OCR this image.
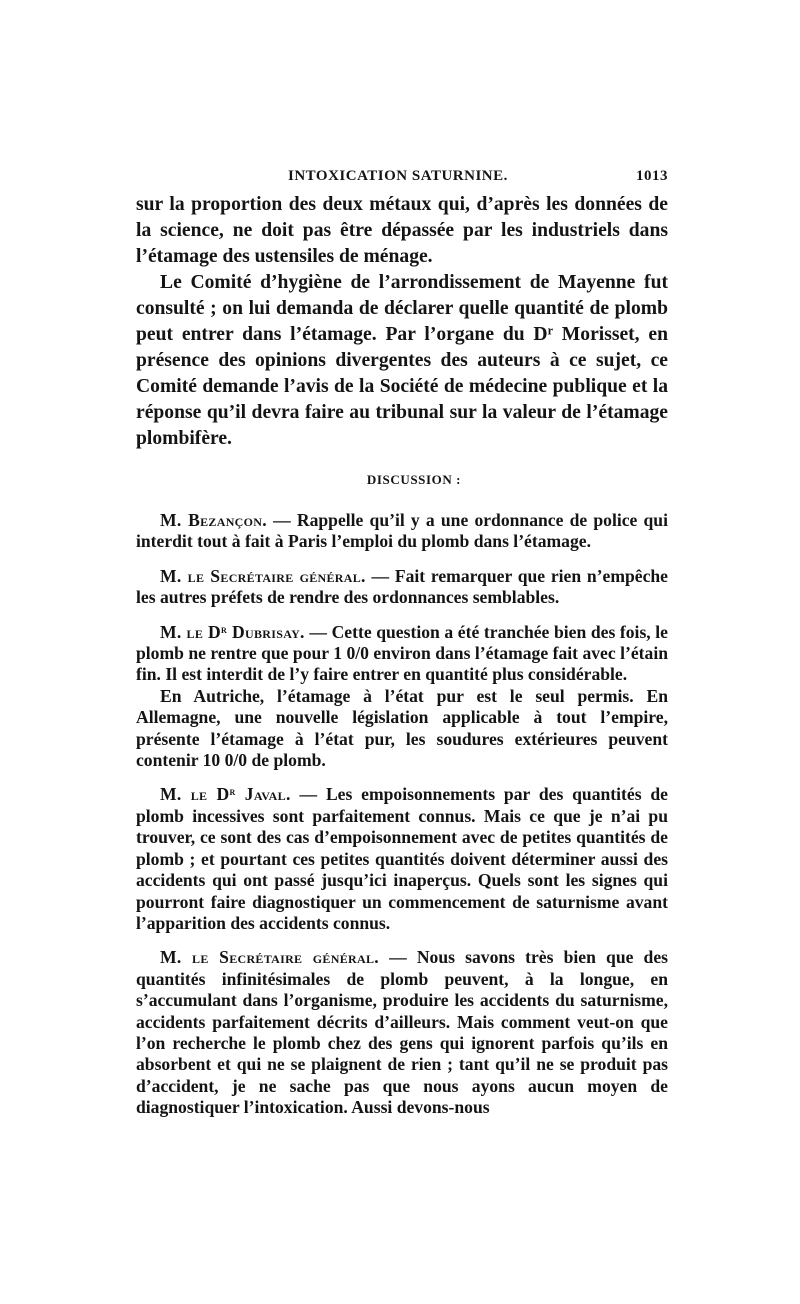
INTOXICATION SATURNINE.	1013

sur la proportion des deux métaux qui, d’après les données de la science, ne doit pas être dépassée par les industriels dans l’étamage des ustensiles de ménage.

Le Comité d’hygiène de l’arrondissement de Mayenne fut consulté ; on lui demanda de déclarer quelle quantité de plomb peut entrer dans l’étamage. Par l’organe du $D^r$ Morisset, en présence des opinions divergentes des auteurs à ce sujet, ce Comité demande l’avis de la Société de médecine publique et la réponse qu’il devra faire au tribunal sur la valeur de l’étamage plombifère.

DISCUSSION :

M. Bezançon. — Rappelle qu’il y a une ordonnance de police qui interdit tout à fait à Paris l’emploi du plomb dans l’étamage.

M. le Secrétaire général. — Fait remarquer que rien n’empêche les autres préfets de rendre des ordonnances semblables.

M. le $D^r$ Dubrisay. — Cette question a été tranchée bien des fois, le plomb ne rentre que pour 1 0/0 environ dans l’étamage fait avec l’étain fin. Il est interdit de l’y faire entrer en quantité plus considérable.

En Autriche, l’étamage à l’état pur est le seul permis. En Allemagne, une nouvelle législation applicable à tout l’empire, présente l’étamage à l’état pur, les soudures extérieures peuvent contenir 10 0/0 de plomb.

M. le $D^r$ Javal. — Les empoisonnements par des quantités de plomb incessives sont parfaitement connus. Mais ce que je n’ai pu trouver, ce sont des cas d’empoisonnement avec de petites quantités de plomb ; et pourtant ces petites quantités doivent déterminer aussi des accidents qui ont passé jusqu’ici inaperçus. Quels sont les signes qui pourront faire diagnostiquer un commencement de saturnisme avant l’apparition des accidents connus.

M. le Secrétaire général. — Nous savons très bien que des quantités infinitésimales de plomb peuvent, à la longue, en s’accumulant dans l’organisme, produire les accidents du saturnisme, accidents parfaitement décrits d’ailleurs. Mais comment veut-on que l’on recherche le plomb chez des gens qui ignorent parfois qu’ils en absorbent et qui ne se plaignent de rien ; tant qu’il ne se produit pas d’accident, je ne sache pas que nous ayons aucun moyen de diagnostiquer l’intoxication. Aussi devons-nous
